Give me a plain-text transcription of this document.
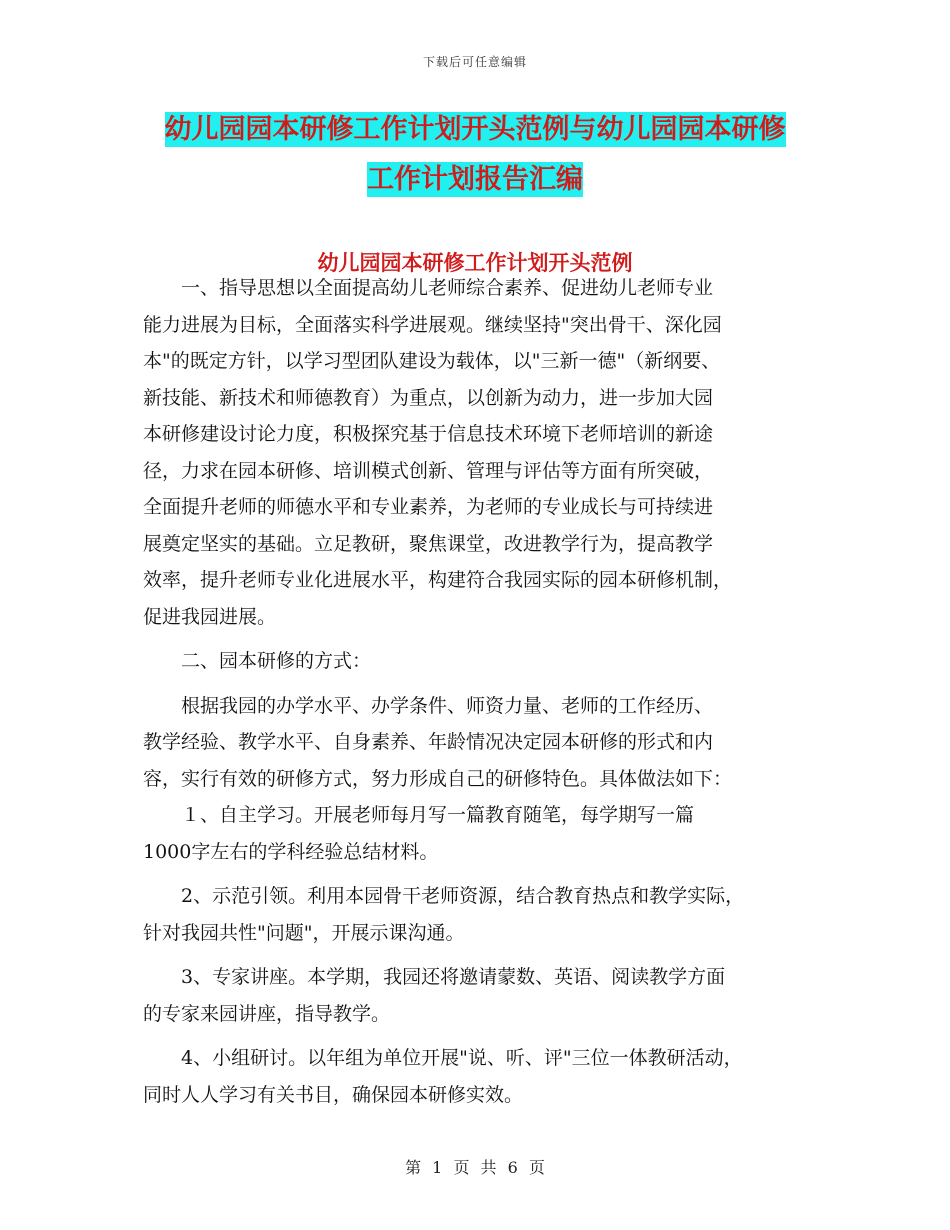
下载后可任意编辑
幼儿园园本研修工作计划开头范例与幼儿园园本研修
工作计划报告汇编
幼儿园园本研修工作计划开头范例

　　一、指导思想以全面提高幼儿老师综合素养、促进幼儿老师专业

能力进展为目标，全面落实科学进展观。继续坚持"突出骨干、深化园

本"的既定方针，以学习型团队建设为载体，以"三新一德"（新纲要、

新技能、新技术和师德教育）为重点，以创新为动力，进一步加大园

本研修建设讨论力度，积极探究基于信息技术环境下老师培训的新途

径，力求在园本研修、培训模式创新、管理与评估等方面有所突破，

全面提升老师的师德水平和专业素养，为老师的专业成长与可持续进

展奠定坚实的基础。立足教研，聚焦课堂，改进教学行为，提高教学

效率，提升老师专业化进展水平，构建符合我园实际的园本研修机制，

促进我园进展。

　　二、园本研修的方式：

　　根据我园的办学水平、办学条件、师资力量、老师的工作经历、

教学经验、教学水平、自身素养、年龄情况决定园本研修的形式和内

容，实行有效的研修方式，努力形成自己的研修特色。具体做法如下：

　　１、自主学习。开展老师每月写一篇教育随笔，每学期写一篇

1000字左右的学科经验总结材料。

　　2、示范引领。利用本园骨干老师资源，结合教育热点和教学实际，

针对我园共性"问题"，开展示课沟通。

　　3、专家讲座。本学期，我园还将邀请蒙数、英语、阅读教学方面

的专家来园讲座，指导教学。

　　4、小组研讨。以年组为单位开展"说、听、评"三位一体教研活动，

同时人人学习有关书目，确保园本研修实效。

第 1 页 共 6 页
